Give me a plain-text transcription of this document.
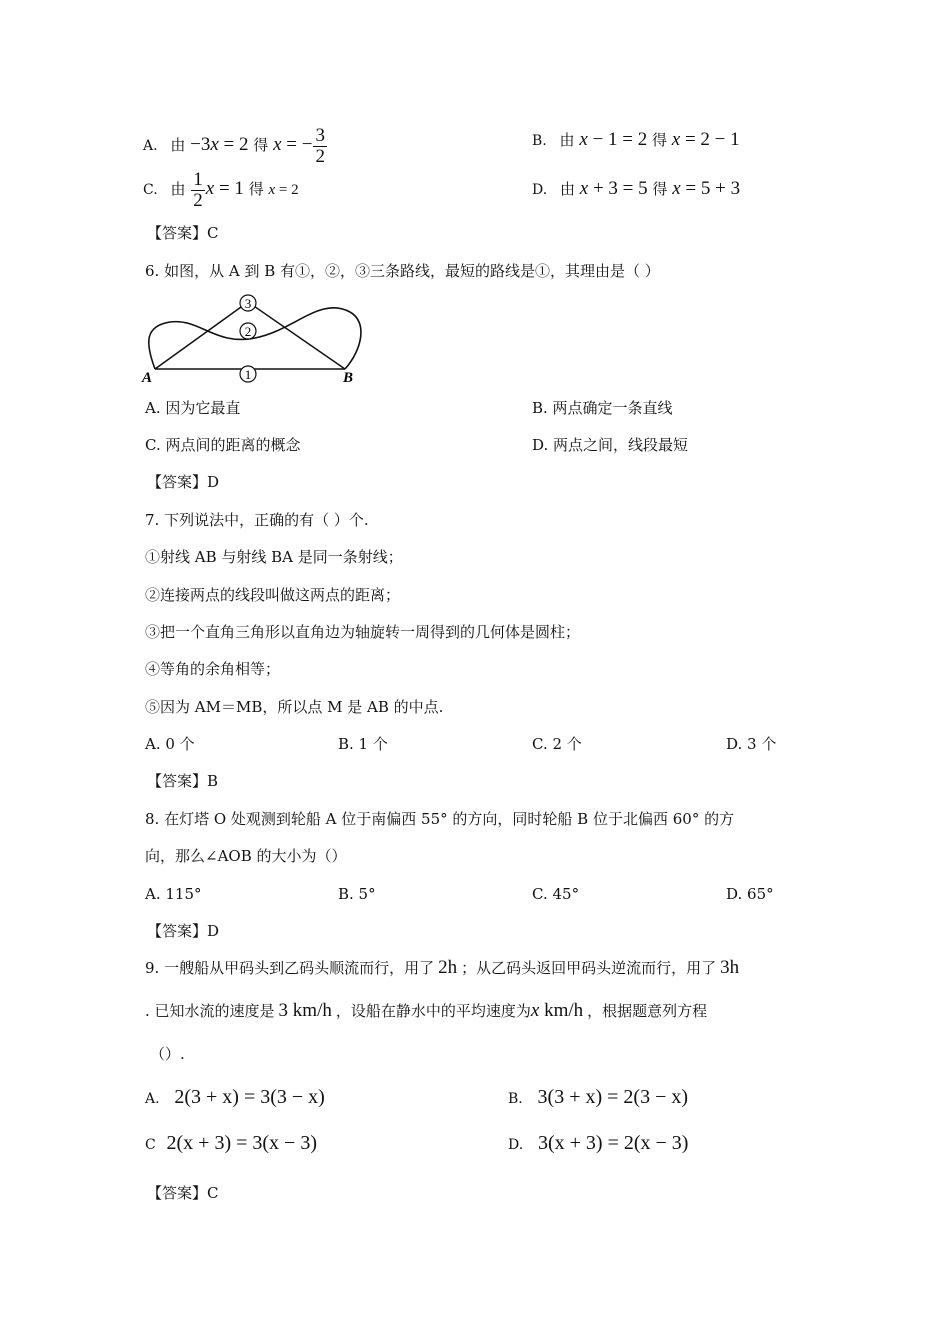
A. 由 −3x = 2 得 x = − $\frac{3}{2}$	B. 由 x − 1 = 2 得 x = 2 − 1
C. 由 $\frac{1}{2}$ x = 1 得 x = 2	D. 由 x + 3 = 5 得 x = 5 + 3
【答案】C
6. 如图，从 A 到 B 有①，②，③三条路线，最短的路线是①，其理由是（ ）
3
2
1
A	B
A. 因为它最直	B. 两点确定一条直线
C. 两点间的距离的概念	D. 两点之间，线段最短
【答案】D
7. 下列说法中，正确的有（ ）个.
①射线 AB 与射线 BA 是同一条射线；
②连接两点的线段叫做这两点的距离；
③把一个直角三角形以直角边为轴旋转一周得到的几何体是圆柱；
④等角的余角相等；
⑤因为 AM＝MB，所以点 M 是 AB 的中点.
A. 0 个	B. 1 个	C. 2 个	D. 3 个
【答案】B
8. 在灯塔 O 处观测到轮船 A 位于南偏西 55° 的方向，同时轮船 B 位于北偏西 60° 的方
向，那么∠AOB 的大小为（）
A. 115°	B. 5°	C. 45°	D. 65°
【答案】D
9. 一艘船从甲码头到乙码头顺流而行，用了 2h ；从乙码头返回甲码头逆流而行，用了 3h
. 已知水流的速度是 3 km/h ，设船在静水中的平均速度为x km/h ，根据题意列方程
（）.
A. 2(3 + x) = 3(3 − x)	B. 3(3 + x) = 2(3 − x)
C 2(x + 3) = 3(x − 3)	D. 3(x + 3) = 2(x − 3)
【答案】C
